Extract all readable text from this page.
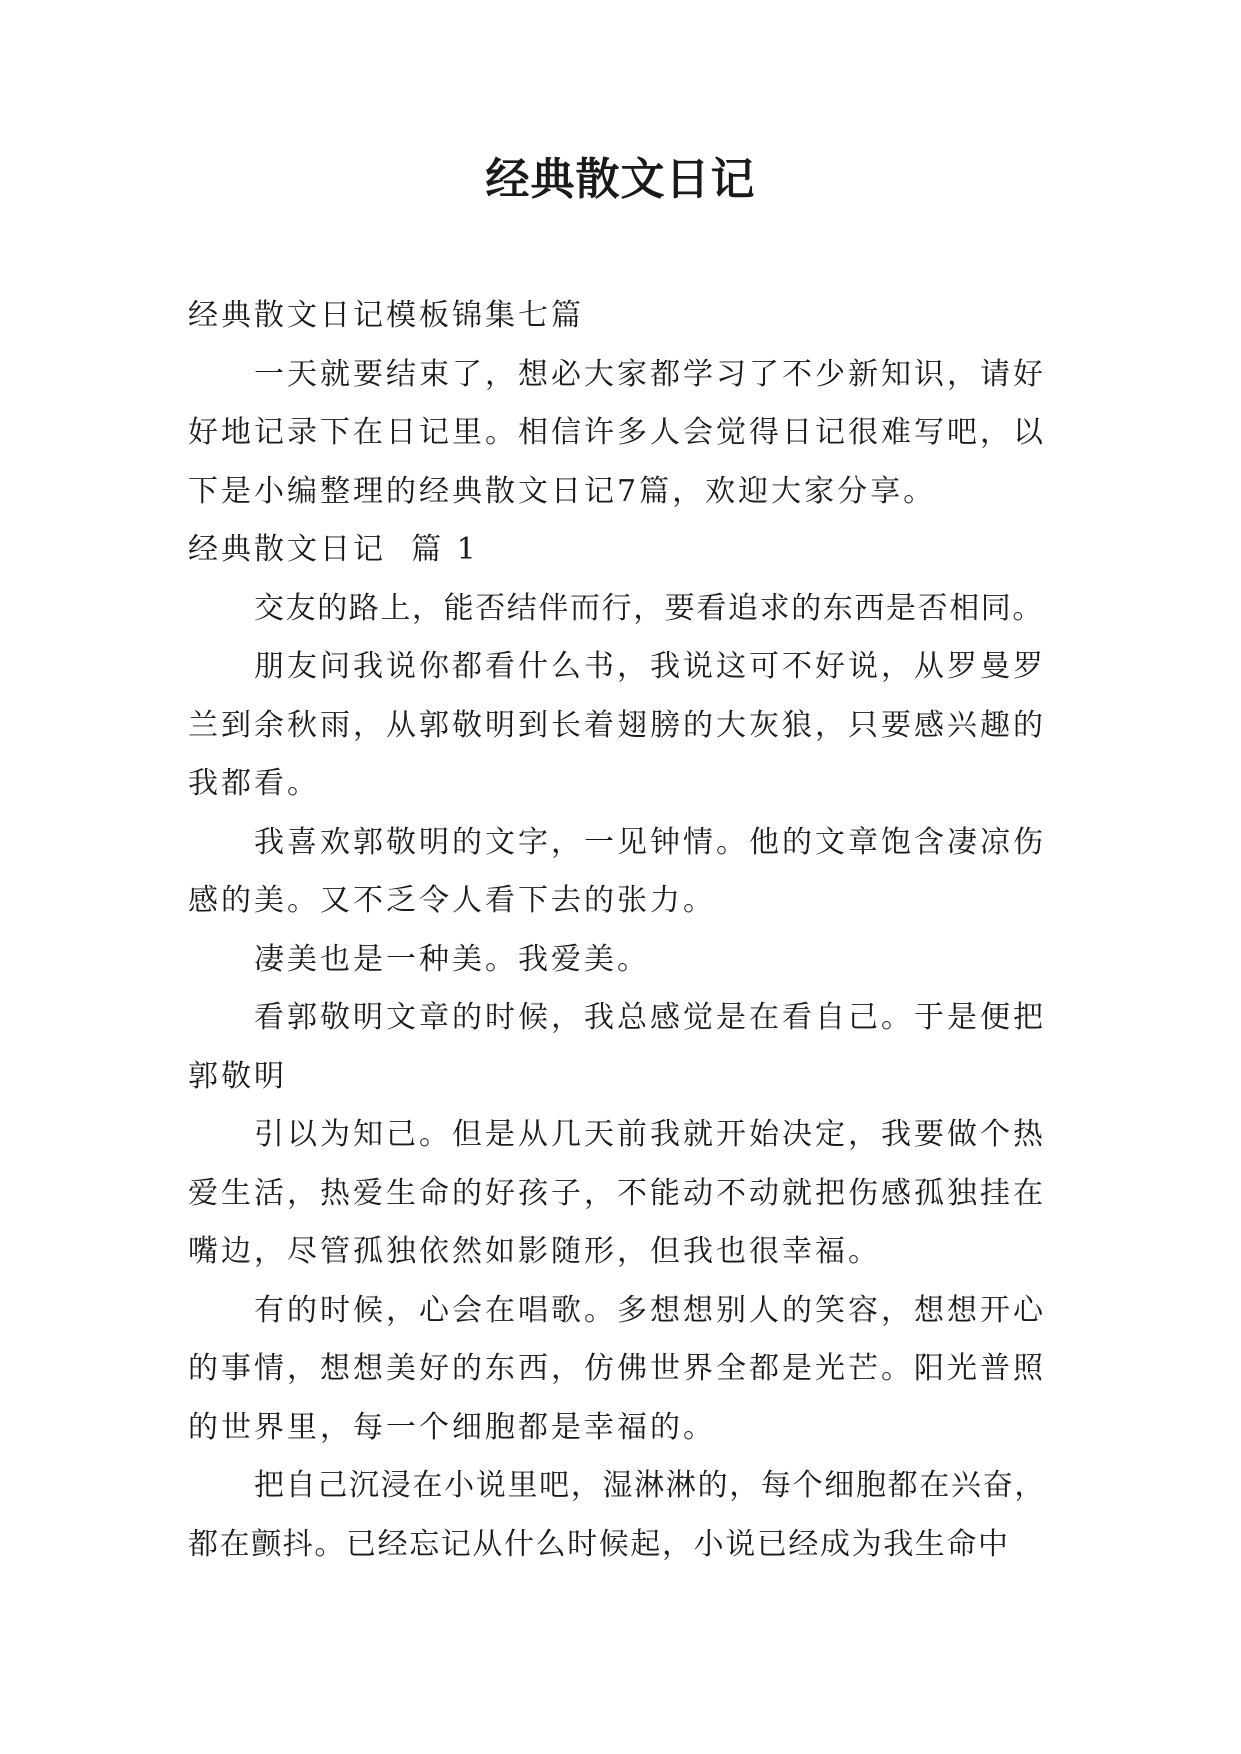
经典散文日记

经典散文日记模板锦集七篇

一天就要结束了，想必大家都学习了不少新知识，请好好地记录下在日记里。相信许多人会觉得日记很难写吧，以下是小编整理的经典散文日记7篇，欢迎大家分享。

经典散文日记  篇 1

交友的路上，能否结伴而行，要看追求的东西是否相同。

朋友问我说你都看什么书，我说这可不好说，从罗曼罗兰到余秋雨，从郭敬明到长着翅膀的大灰狼，只要感兴趣的我都看。

我喜欢郭敬明的文字，一见钟情。他的文章饱含凄凉伤感的美。又不乏令人看下去的张力。

凄美也是一种美。我爱美。

看郭敬明文章的时候，我总感觉是在看自己。于是便把郭敬明

引以为知己。但是从几天前我就开始决定，我要做个热爱生活，热爱生命的好孩子，不能动不动就把伤感孤独挂在嘴边，尽管孤独依然如影随形，但我也很幸福。

有的时候，心会在唱歌。多想想别人的笑容，想想开心的事情，想想美好的东西，仿佛世界全都是光芒。阳光普照的世界里，每一个细胞都是幸福的。

把自己沉浸在小说里吧，湿淋淋的，每个细胞都在兴奋，都在颤抖。已经忘记从什么时候起，小说已经成为我生命中
